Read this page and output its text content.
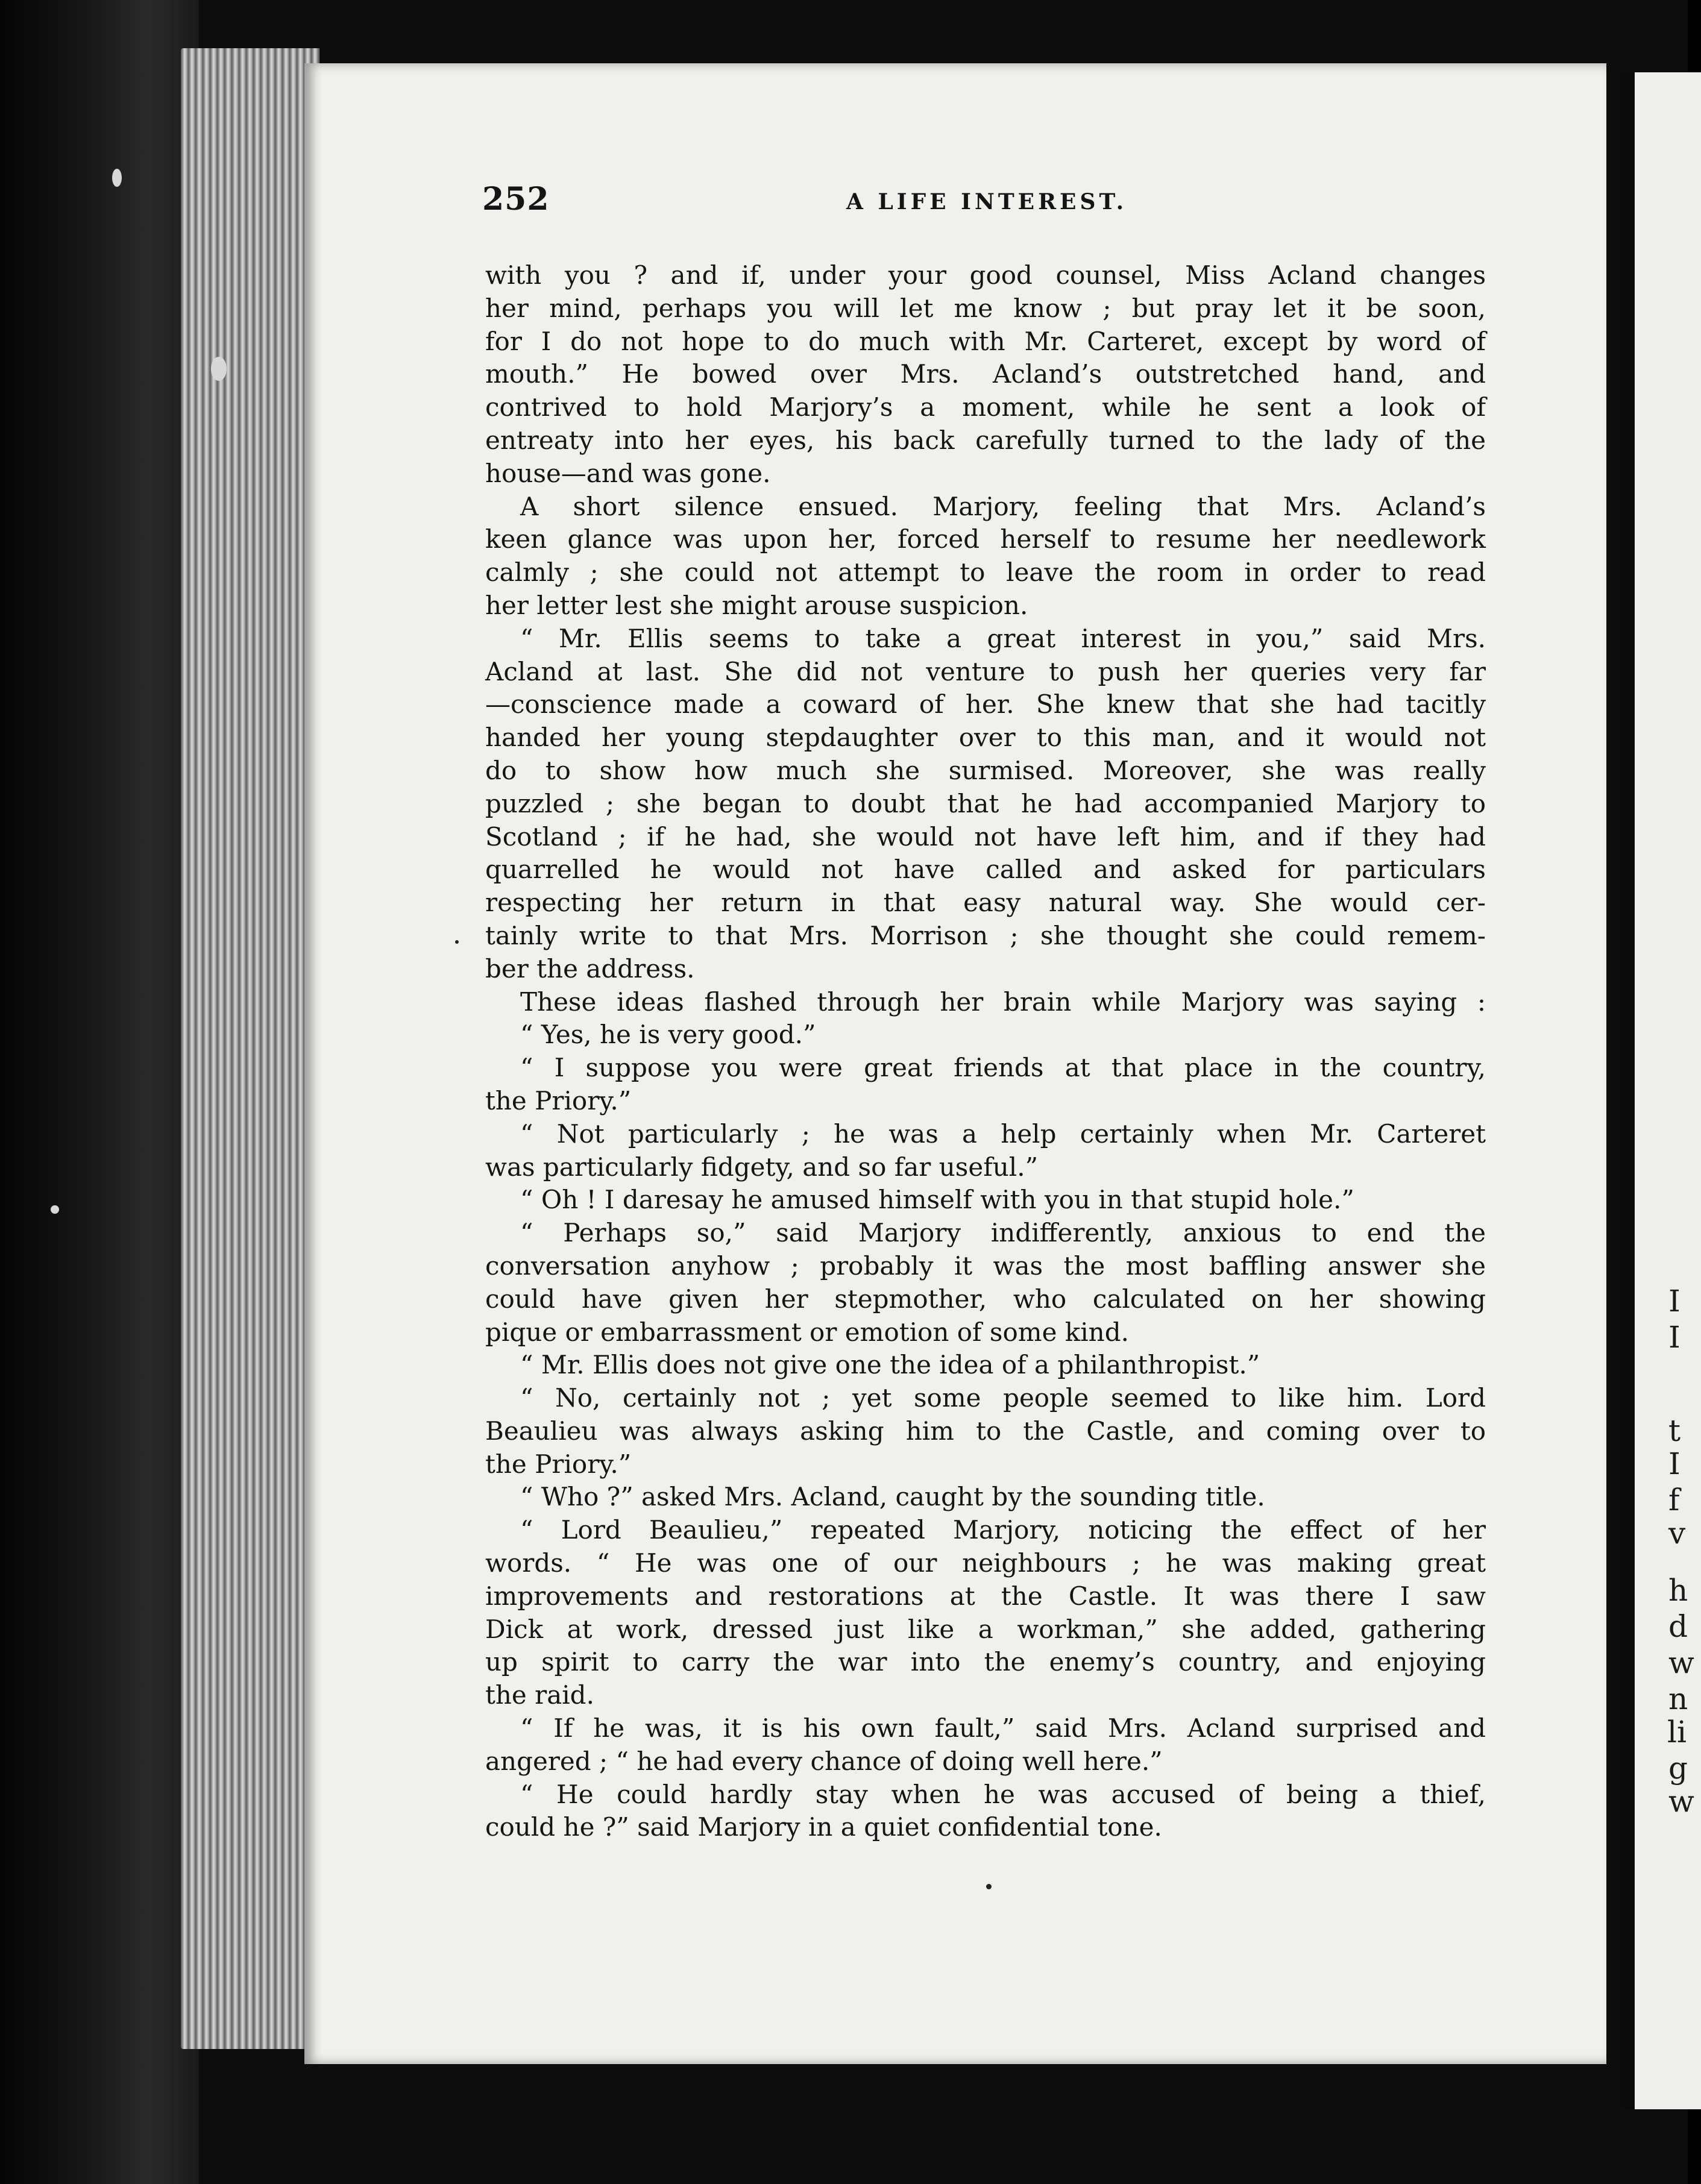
252	A LIFE INTEREST.
with you ? and if, under your good counsel, Miss Acland changes
her mind, perhaps you will let me know ; but pray let it be soon,
for I do not hope to do much with Mr. Carteret, except by word of
mouth.” He bowed over Mrs. Acland’s outstretched hand, and
contrived to hold Marjory’s a moment, while he sent a look of
entreaty into her eyes, his back carefully turned to the lady of the
house—and was gone.
A short silence ensued. Marjory, feeling that Mrs. Acland’s
keen glance was upon her, forced herself to resume her needlework
calmly ; she could not attempt to leave the room in order to read
her letter lest she might arouse suspicion.
“ Mr. Ellis seems to take a great interest in you,” said Mrs.
Acland at last. She did not venture to push her queries very far
—conscience made a coward of her. She knew that she had tacitly
handed her young stepdaughter over to this man, and it would not
do to show how much she surmised. Moreover, she was really
puzzled ; she began to doubt that he had accompanied Marjory to
Scotland ; if he had, she would not have left him, and if they had
quarrelled he would not have called and asked for particulars
respecting her return in that easy natural way. She would cer-
tainly write to that Mrs. Morrison ; she thought she could remem-
ber the address.
These ideas flashed through her brain while Marjory was saying :
“ Yes, he is very good.”
“ I suppose you were great friends at that place in the country,
the Priory.”
“ Not particularly ; he was a help certainly when Mr. Carteret
was particularly fidgety, and so far useful.”
“ Oh ! I daresay he amused himself with you in that stupid hole.”
“ Perhaps so,” said Marjory indifferently, anxious to end the
conversation anyhow ; probably it was the most baffling answer she
could have given her stepmother, who calculated on her showing
pique or embarrassment or emotion of some kind.
“ Mr. Ellis does not give one the idea of a philanthropist.”
“ No, certainly not ; yet some people seemed to like him. Lord
Beaulieu was always asking him to the Castle, and coming over to
the Priory.”
“ Who ?” asked Mrs. Acland, caught by the sounding title.
“ Lord Beaulieu,” repeated Marjory, noticing the effect of her
words. “ He was one of our neighbours ; he was making great
improvements and restorations at the Castle. It was there I saw
Dick at work, dressed just like a workman,” she added, gathering
up spirit to carry the war into the enemy’s country, and enjoying
the raid.
“ If he was, it is his own fault,” said Mrs. Acland surprised and
angered ; “ he had every chance of doing well here.”
“ He could hardly stay when he was accused of being a thief,
could he ?” said Marjory in a quiet confidential tone.
I
I
t
I
f
v
h
d
w
n
li
g
w
